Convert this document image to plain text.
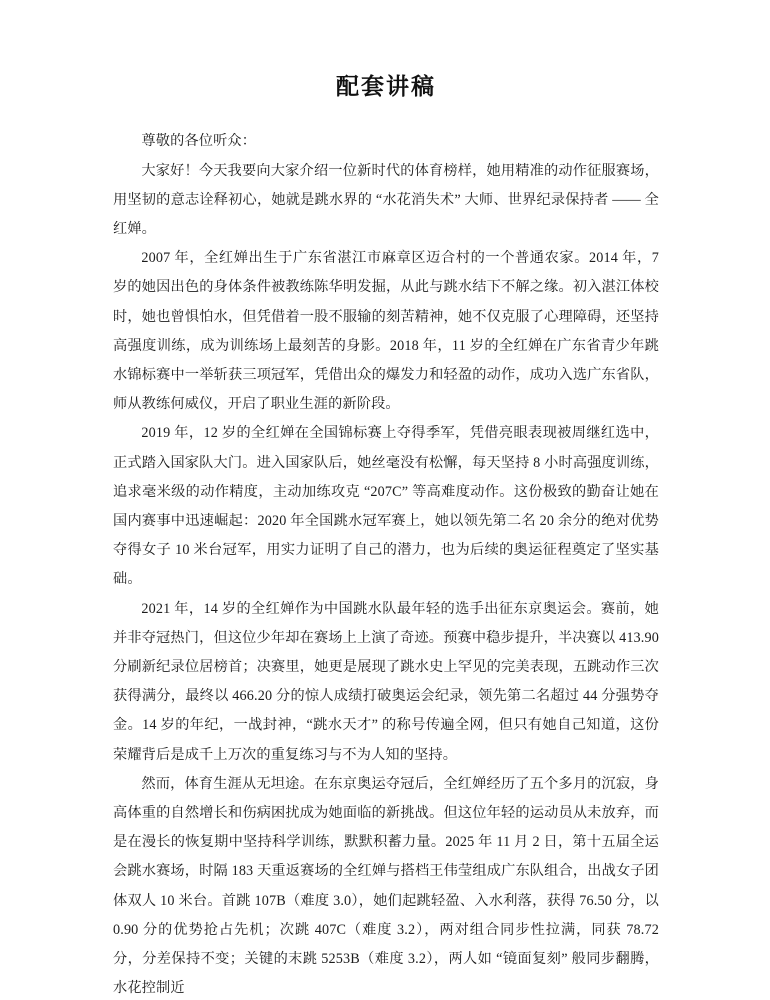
配套讲稿

尊敬的各位听众：

大家好！今天我要向大家介绍一位新时代的体育榜样，她用精准的动作征服赛场，用坚韧的意志诠释初心，她就是跳水界的 “水花消失术” 大师、世界纪录保持者 —— 全红婵。

2007 年，全红婵出生于广东省湛江市麻章区迈合村的一个普通农家。2014 年，7 岁的她因出色的身体条件被教练陈华明发掘，从此与跳水结下不解之缘。初入湛江体校时，她也曾惧怕水，但凭借着一股不服输的刻苦精神，她不仅克服了心理障碍，还坚持高强度训练，成为训练场上最刻苦的身影。2018 年，11 岁的全红婵在广东省青少年跳水锦标赛中一举斩获三项冠军，凭借出众的爆发力和轻盈的动作，成功入选广东省队，师从教练何威仪，开启了职业生涯的新阶段。

2019 年，12 岁的全红婵在全国锦标赛上夺得季军，凭借亮眼表现被周继红选中，正式踏入国家队大门。进入国家队后，她丝毫没有松懈，每天坚持 8 小时高强度训练，追求毫米级的动作精度，主动加练攻克 “207C” 等高难度动作。这份极致的勤奋让她在国内赛事中迅速崛起：2020 年全国跳水冠军赛上，她以领先第二名 20 余分的绝对优势夺得女子 10 米台冠军，用实力证明了自己的潜力，也为后续的奥运征程奠定了坚实基础。

2021 年，14 岁的全红婵作为中国跳水队最年轻的选手出征东京奥运会。赛前，她并非夺冠热门，但这位少年却在赛场上上演了奇迹。预赛中稳步提升，半决赛以 413.90 分刷新纪录位居榜首；决赛里，她更是展现了跳水史上罕见的完美表现，五跳动作三次获得满分，最终以 466.20 分的惊人成绩打破奥运会纪录，领先第二名超过 44 分强势夺金。14 岁的年纪，一战封神，“跳水天才” 的称号传遍全网，但只有她自己知道，这份荣耀背后是成千上万次的重复练习与不为人知的坚持。

然而，体育生涯从无坦途。在东京奥运夺冠后，全红婵经历了五个多月的沉寂，身高体重的自然增长和伤病困扰成为她面临的新挑战。但这位年轻的运动员从未放弃，而是在漫长的恢复期中坚持科学训练，默默积蓄力量。2025 年 11 月 2 日，第十五届全运会跳水赛场，时隔 183 天重返赛场的全红婵与搭档王伟莹组成广东队组合，出战女子团体双人 10 米台。首跳 107B（难度 3.0），她们起跳轻盈、入水利落，获得 76.50 分，以 0.90 分的优势抢占先机；次跳 407C（难度 3.2），两对组合同步性拉满，同获 78.72 分，分差保持不变；关键的末跳 5253B（难度 3.2），两人如 “镜面复刻” 般同步翻腾，水花控制近
